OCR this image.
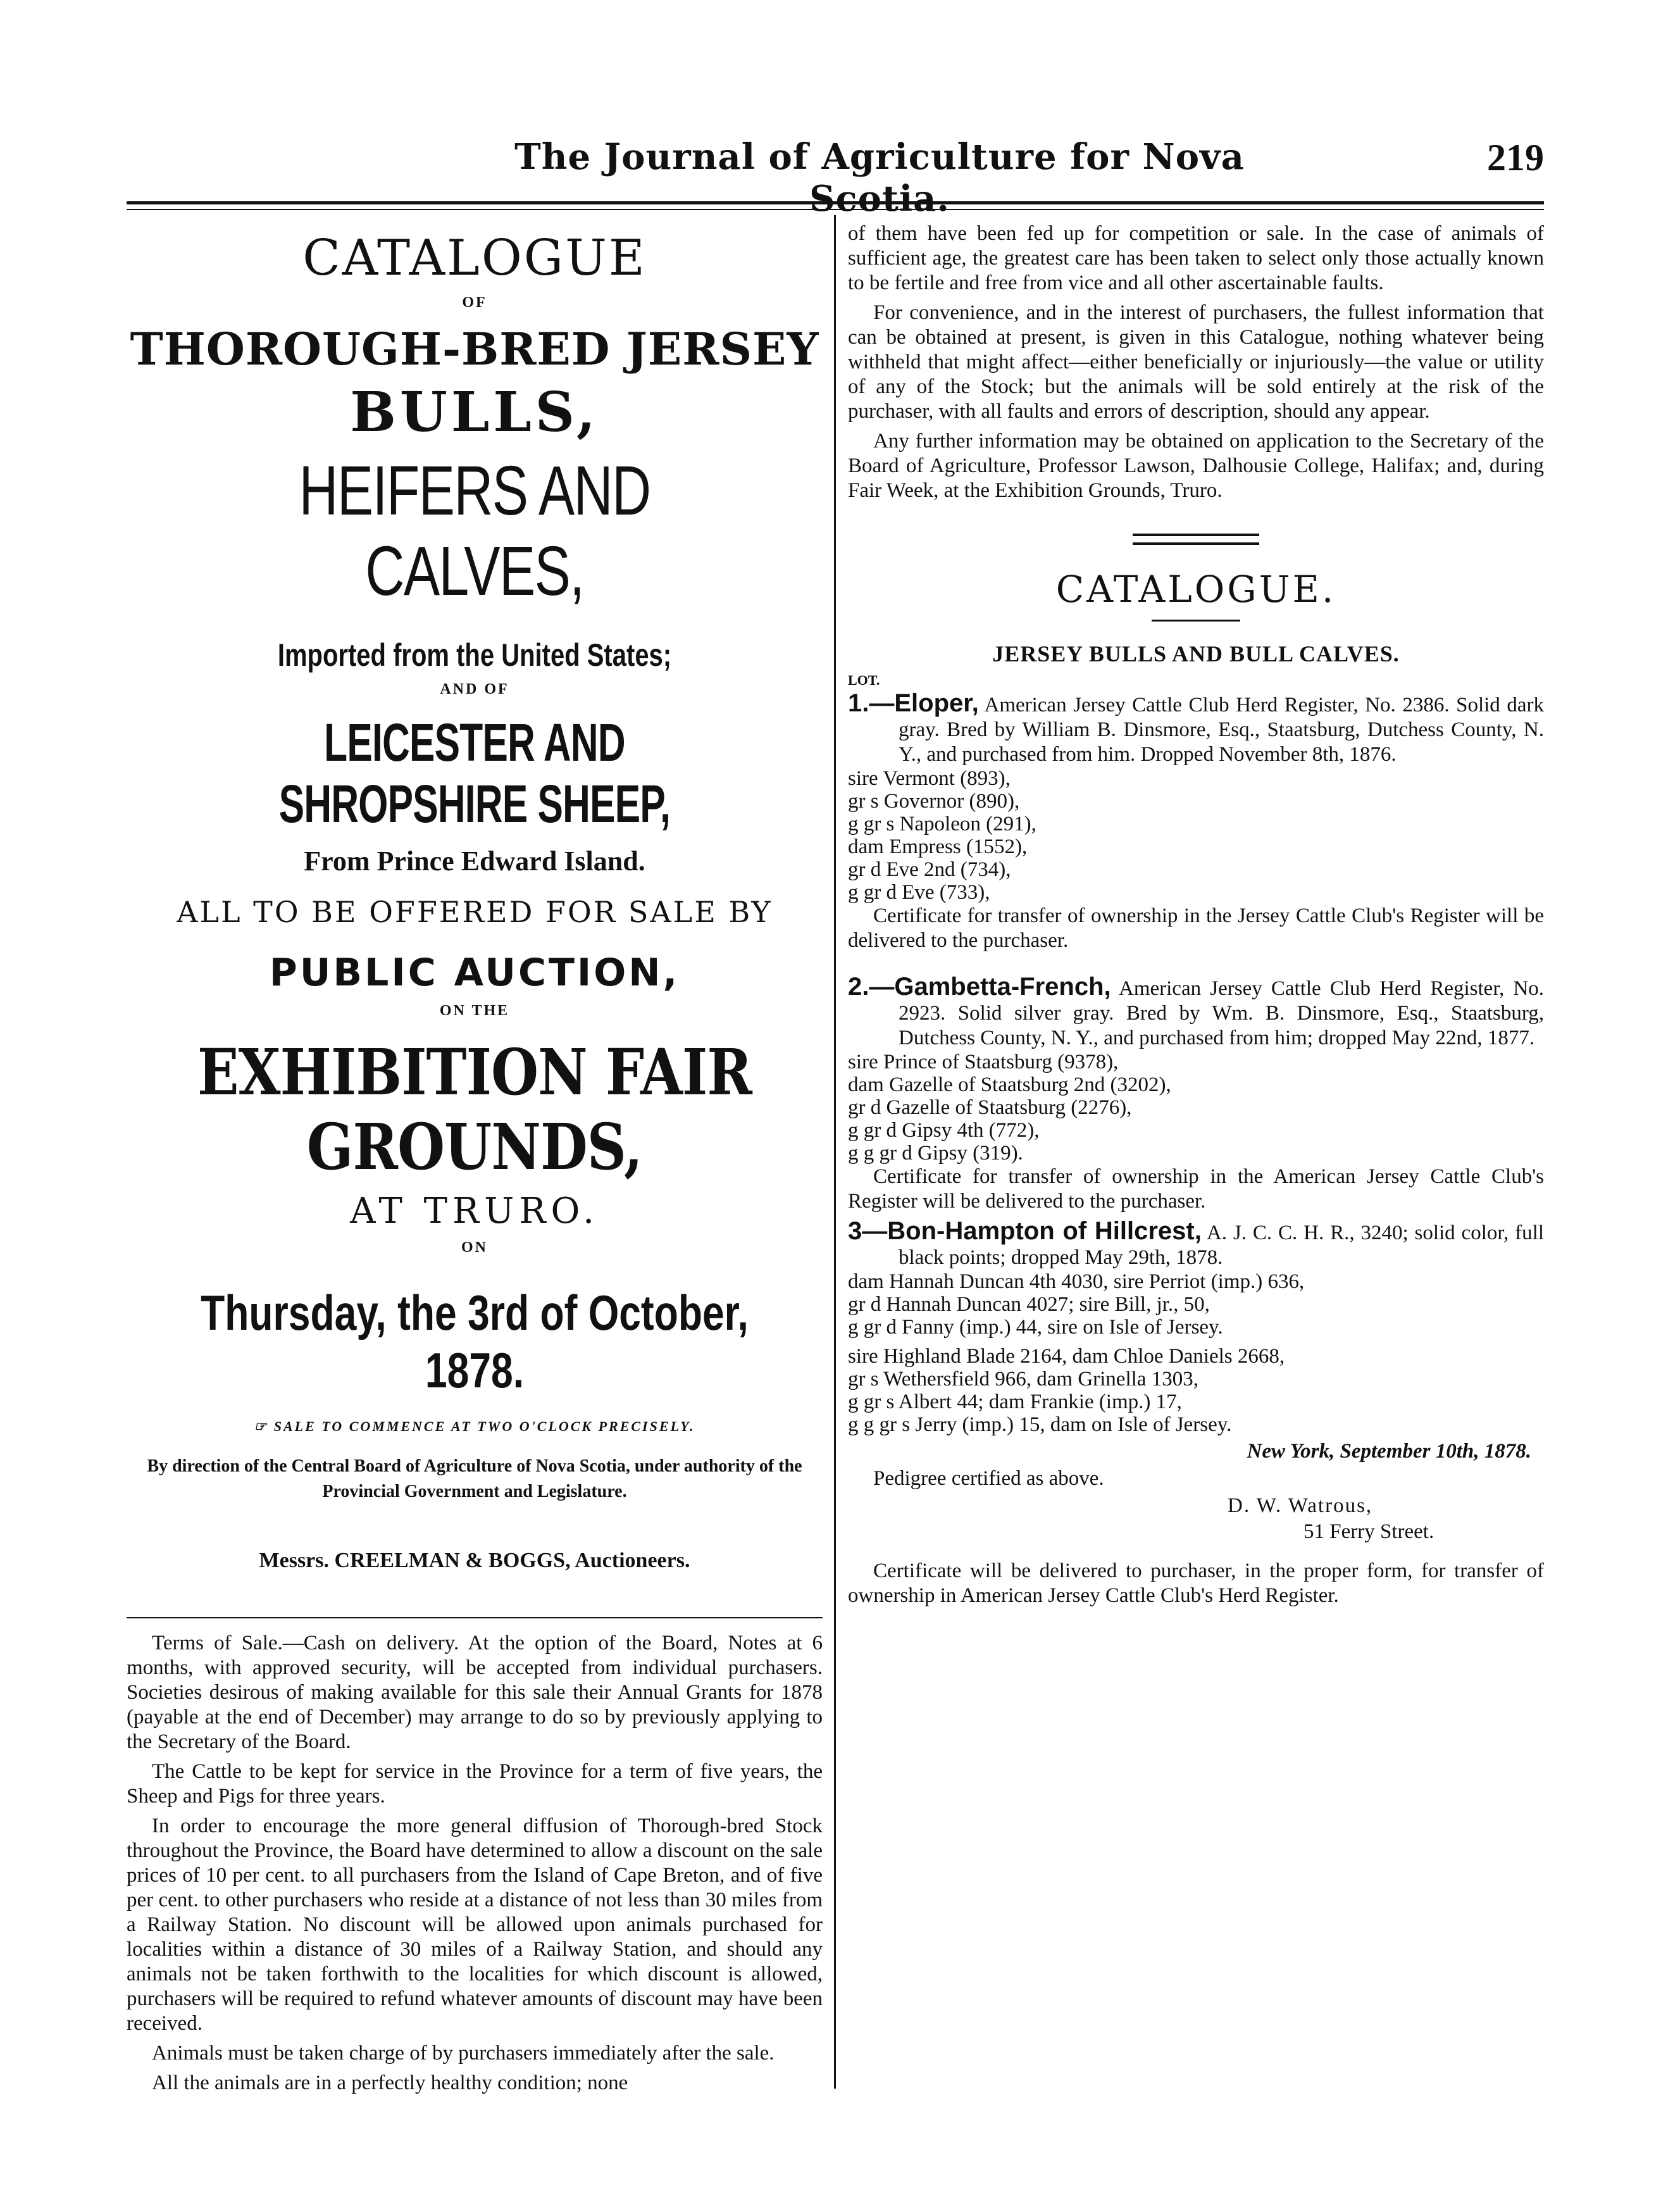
The Journal of Agriculture for Nova Scotia.
219
CATALOGUE
OF
THOROUGH-BRED JERSEY
BULLS,
HEIFERS AND CALVES,
Imported from the United States;
AND OF
LEICESTER AND SHROPSHIRE SHEEP,
From Prince Edward Island.
ALL TO BE OFFERED FOR SALE BY
PUBLIC AUCTION,
ON THE
EXHIBITION FAIR GROUNDS,
AT TRURO.
ON
Thursday, the 3rd of October, 1878.
☞ SALE TO COMMENCE AT TWO O'CLOCK PRECISELY.
By direction of the Central Board of Agriculture of Nova Scotia, under authority of the Provincial Government and Legislature.
Messrs. CREELMAN & BOGGS, Auctioneers.

Terms of Sale.—Cash on delivery. At the option of the Board, Notes at 6 months, with approved security, will be accepted from individual purchasers. Societies desirous of making available for this sale their Annual Grants for 1878 (payable at the end of December) may arrange to do so by previously applying to the Secretary of the Board.

The Cattle to be kept for service in the Province for a term of five years, the Sheep and Pigs for three years.

In order to encourage the more general diffusion of Thorough-bred Stock throughout the Province, the Board have determined to allow a discount on the sale prices of 10 per cent. to all purchasers from the Island of Cape Breton, and of five per cent. to other purchasers who reside at a distance of not less than 30 miles from a Railway Station. No discount will be allowed upon animals purchased for localities within a distance of 30 miles of a Railway Station, and should any animals not be taken forthwith to the localities for which discount is allowed, purchasers will be required to refund whatever amounts of discount may have been received.

Animals must be taken charge of by purchasers immediately after the sale.

All the animals are in a perfectly healthy condition; none

of them have been fed up for competition or sale. In the case of animals of sufficient age, the greatest care has been taken to select only those actually known to be fertile and free from vice and all other ascertainable faults.

For convenience, and in the interest of purchasers, the fullest information that can be obtained at present, is given in this Catalogue, nothing whatever being withheld that might affect—either beneficially or injuriously—the value or utility of any of the Stock; but the animals will be sold entirely at the risk of the purchaser, with all faults and errors of description, should any appear.

Any further information may be obtained on application to the Secretary of the Board of Agriculture, Professor Lawson, Dalhousie College, Halifax; and, during Fair Week, at the Exhibition Grounds, Truro.

CATALOGUE.
JERSEY BULLS AND BULL CALVES.
LOT.
1.—Eloper, American Jersey Cattle Club Herd Register, No. 2386. Solid dark gray. Bred by William B. Dinsmore, Esq., Staatsburg, Dutchess County, N. Y., and purchased from him. Dropped November 8th, 1876.

sire Vermont (893),

gr s Governor (890),

g gr s Napoleon (291),

dam Empress (1552),

gr d Eve 2nd (734),

g gr d Eve (733),

Certificate for transfer of ownership in the Jersey Cattle Club's Register will be delivered to the purchaser.

2.—Gambetta-French, American Jersey Cattle Club Herd Register, No. 2923. Solid silver gray. Bred by Wm. B. Dinsmore, Esq., Staatsburg, Dutchess County, N. Y., and purchased from him; dropped May 22nd, 1877.

sire Prince of Staatsburg (9378),

dam Gazelle of Staatsburg 2nd (3202),

gr d Gazelle of Staatsburg (2276),

g gr d Gipsy 4th (772),

g g gr d Gipsy (319).

Certificate for transfer of ownership in the American Jersey Cattle Club's Register will be delivered to the purchaser.

3—Bon-Hampton of Hillcrest, A. J. C. C. H. R., 3240; solid color, full black points; dropped May 29th, 1878.

dam Hannah Duncan 4th 4030, sire Perriot (imp.) 636,

gr d Hannah Duncan 4027; sire Bill, jr., 50,

g gr d Fanny (imp.) 44, sire on Isle of Jersey.

sire Highland Blade 2164, dam Chloe Daniels 2668,

gr s Wethersfield 966, dam Grinella 1303,

g gr s Albert 44; dam Frankie (imp.) 17,

g g gr s Jerry (imp.) 15, dam on Isle of Jersey.

New York, September 10th, 1878.
Pedigree certified as above.
D. W. Watrous,
51 Ferry Street.

Certificate will be delivered to purchaser, in the proper form, for transfer of ownership in American Jersey Cattle Club's Herd Register.
